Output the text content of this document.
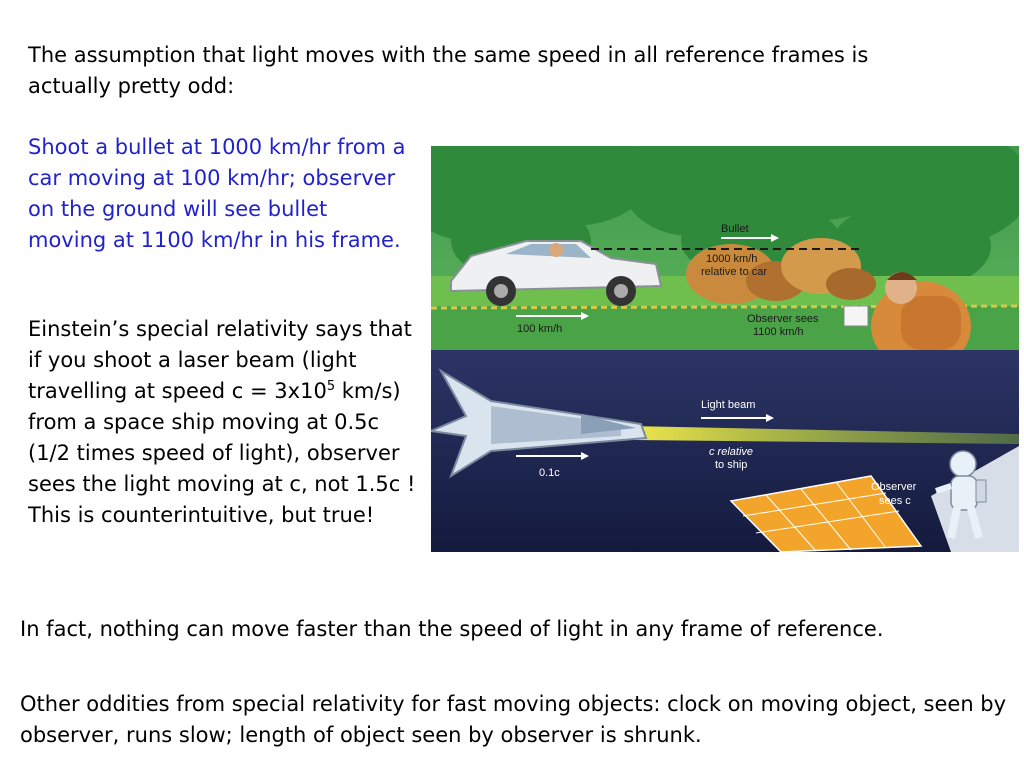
The assumption that light moves with the same speed in all reference frames is actually pretty odd:

Shoot a bullet at 1000 km/hr from a car moving at 100 km/hr; observer on the ground will see bullet moving at 1100 km/hr in his frame.

Einstein’s special relativity says that if you shoot a laser beam (light travelling at speed $c = 3x10^5$ km/s) from a space ship moving at 0.5c (1/2 times speed of light), observer sees the light moving at c, not 1.5c ! This is counterintuitive, but true!

Bullet
1000 km/h
relative to car
100 km/h
Observer sees
1100 km/h
Light beam
c relative
to ship
0.1c
Observer
sees c

In fact, nothing can move faster than the speed of light in any frame of reference.

Other oddities from special relativity for fast moving objects: clock on moving object, seen by observer, runs slow; length of object seen by observer is shrunk.
